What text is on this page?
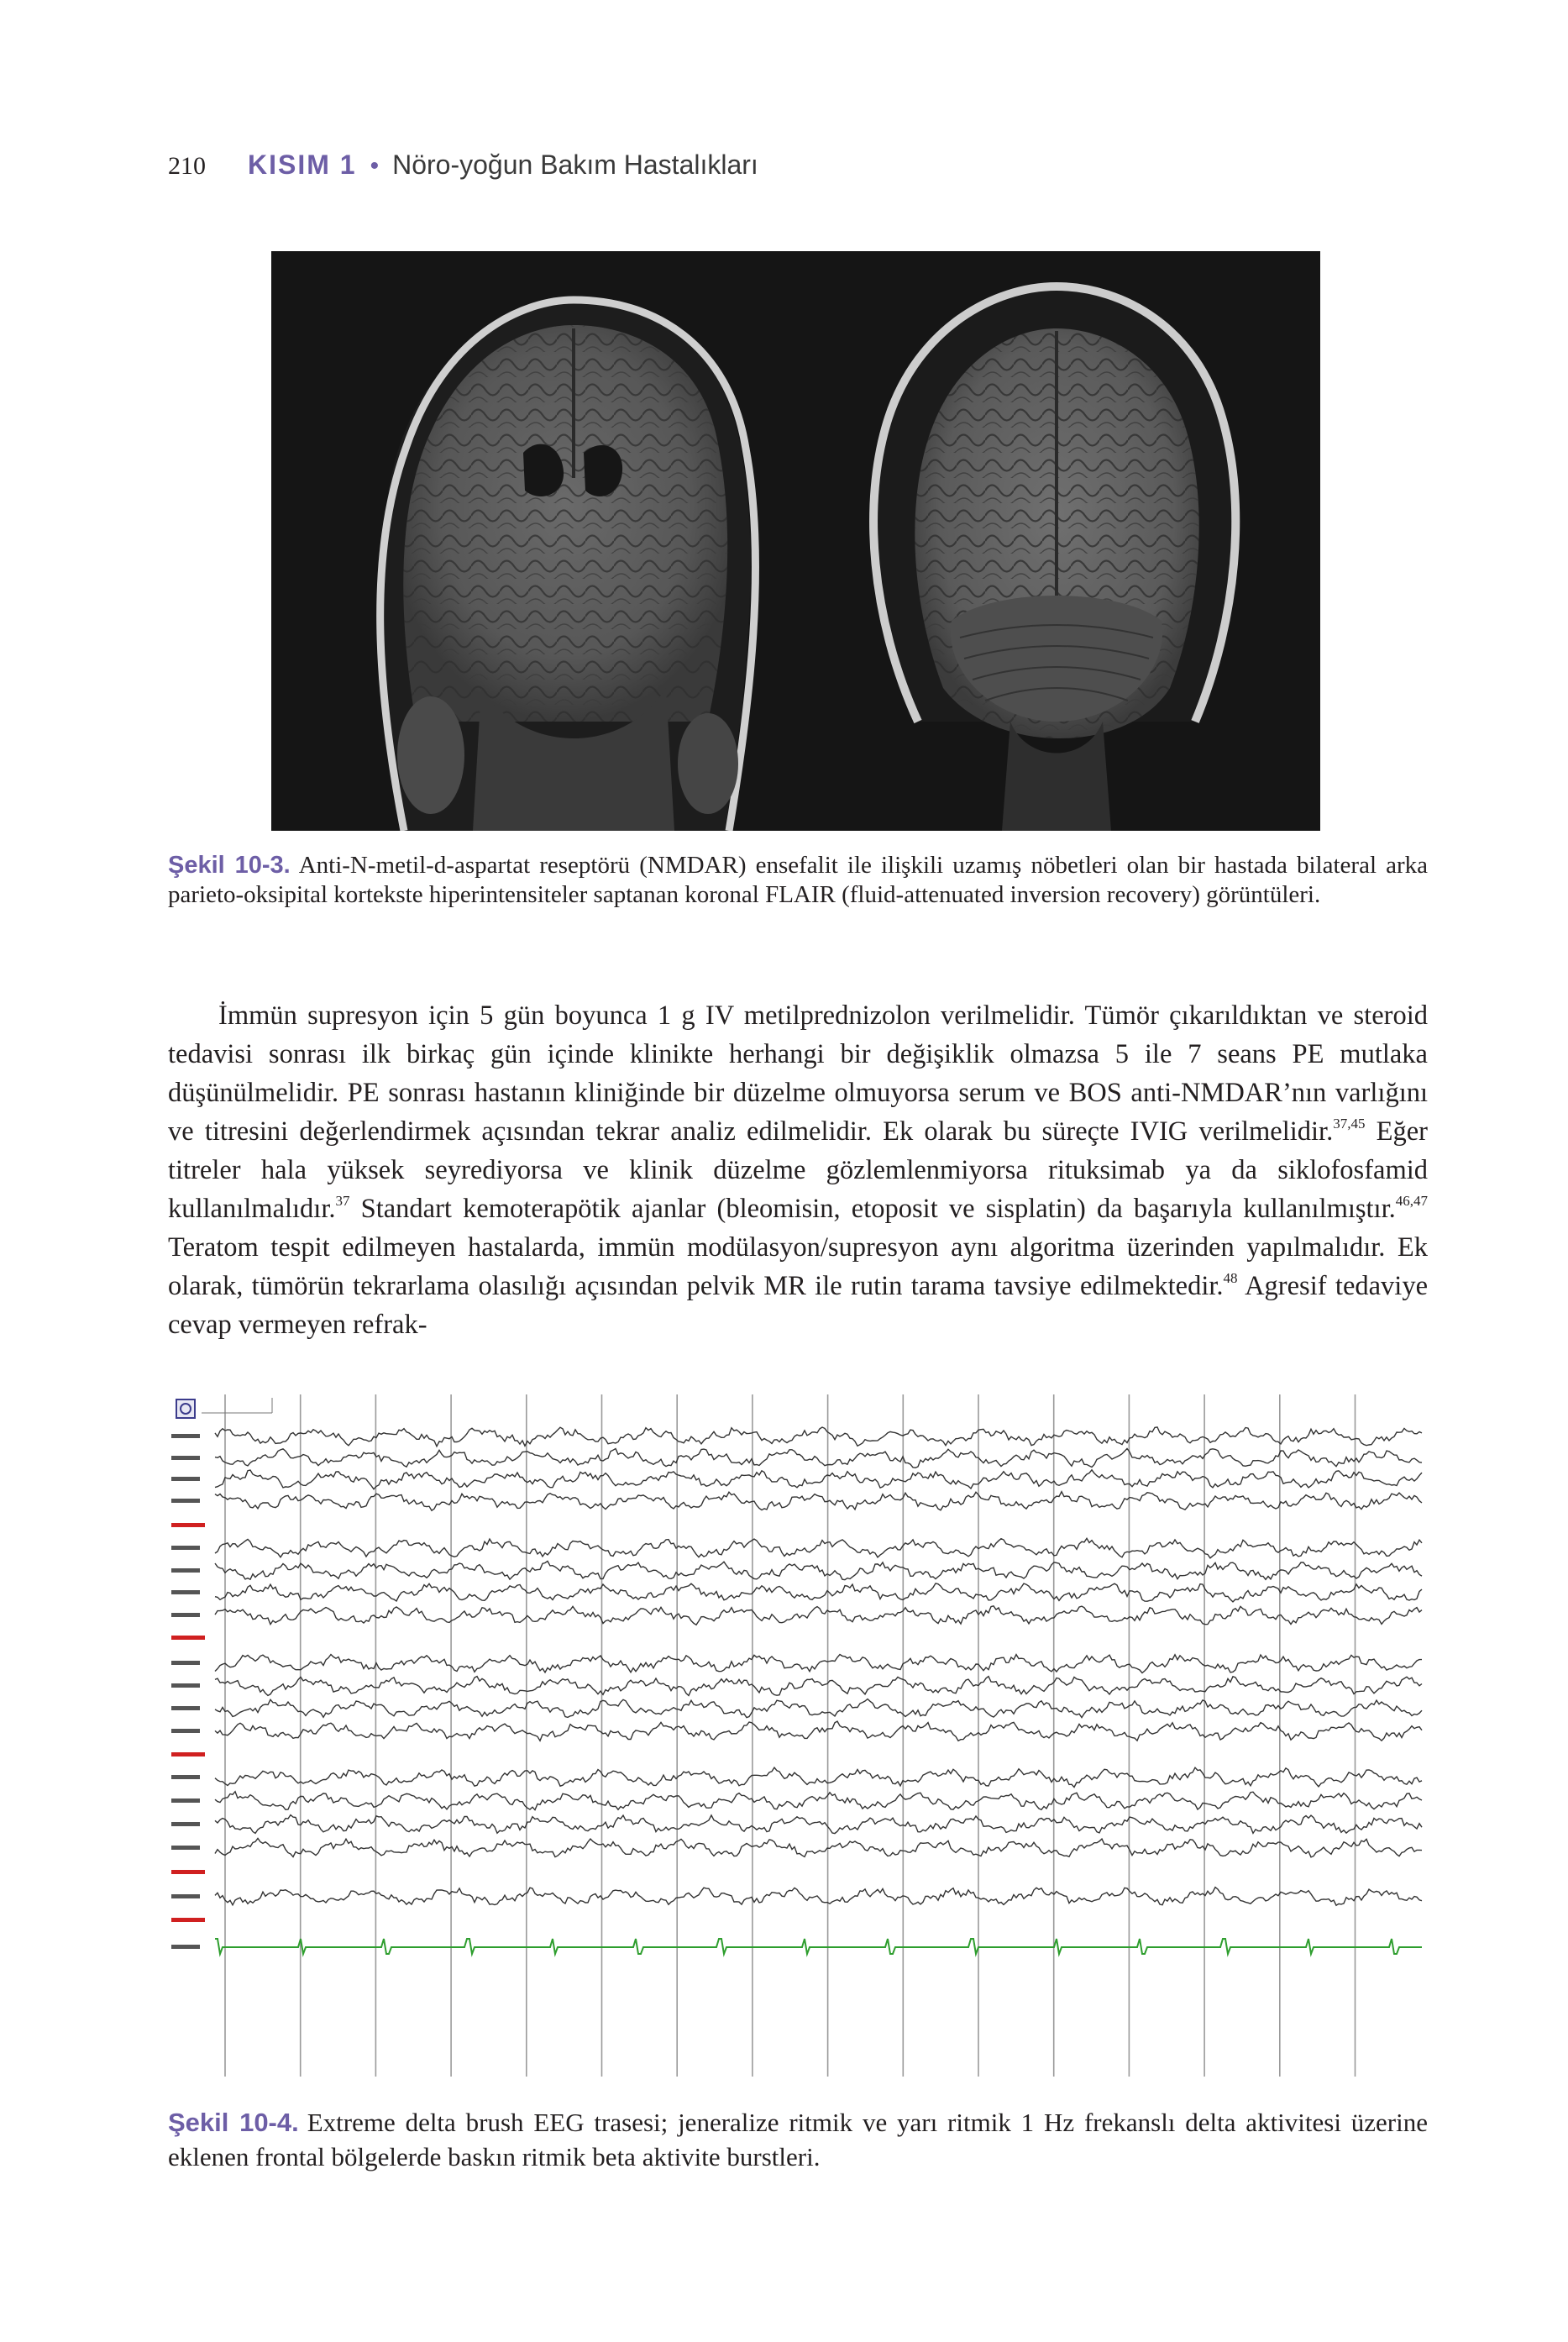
210 KISIM 1 • Nöro-yoğun Bakım Hastalıkları
Şekil 10-3. Anti-N-metil-d-aspartat reseptörü (NMDAR) ensefalit ile ilişkili uzamış nöbetleri olan bir hastada bilateral arka parieto-oksipital kortekste hiperintensiteler saptanan koronal FLAIR (fluid-attenuated inversion recovery) görüntüleri.
İmmün supresyon için 5 gün boyunca 1 g IV metilprednizolon verilmelidir. Tümör çıkarıldıktan ve steroid tedavisi sonrası ilk birkaç gün içinde klinikte herhangi bir değişiklik olmazsa 5 ile 7 seans PE mutlaka düşünülmelidir. PE sonrası hastanın kliniğinde bir düzelme olmuyorsa serum ve BOS anti-NMDAR’nın varlığını ve titresini değerlendirmek açısından tekrar analiz edilmelidir. Ek olarak bu süreçte IVIG verilmelidir.$^{37,45}$ Eğer titreler hala yüksek seyrediyorsa ve klinik düzelme gözlemlenmiyorsa rituksimab ya da siklofosfamid kullanılmalıdır.$^{37}$ Standart kemoterapötik ajanlar (bleomisin, etoposit ve sisplatin) da başarıyla kullanılmıştır.$^{46,47}$ Teratom tespit edilmeyen hastalarda, immün modülasyon/supresyon aynı algoritma üzerinden yapılmalıdır. Ek olarak, tümörün tekrarlama olasılığı açısından pelvik MR ile rutin tarama tavsiye edilmektedir.$^{48}$ Agresif tedaviye cevap vermeyen refrak-
Şekil 10-4. Extreme delta brush EEG trasesi; jeneralize ritmik ve yarı ritmik 1 Hz frekanslı delta aktivitesi üzerine eklenen frontal bölgelerde baskın ritmik beta aktivite burstleri.
